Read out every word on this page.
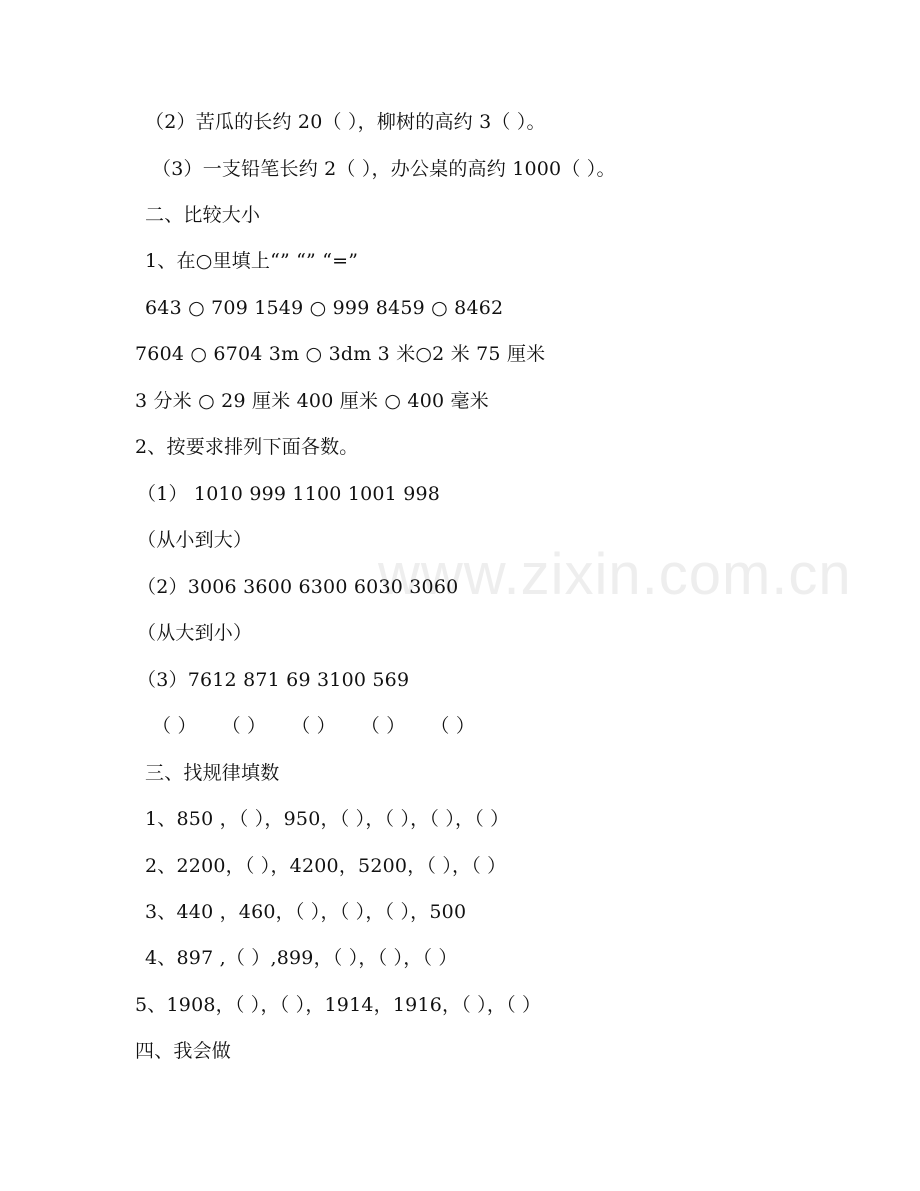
www.zixin.com.cn
（2）苦瓜的长约 20（ ），柳树的高约 3（ ）。
（3）一支铅笔长约 2（ ），办公桌的高约 1000（ ）。
二、比较大小
1、在○里填上“” “” “=”
643 ○ 709 1549 ○ 999 8459 ○ 8462
7604 ○ 6704 3m ○ 3dm 3 米○2 米 75 厘米
3 分米 ○ 29 厘米 400 厘米 ○ 400 毫米
2、按要求排列下面各数。
（1） 1010 999 1100 1001 998
（从小到大）
（2）3006 3600 6300 6030 3060
（从大到小）
（3）7612 871 69 3100 569
（ ）    （ ）    （ ）    （ ）    （ ）
三、找规律填数
1、850 ，（ ），950，（ ），（ ），（ ），（ ）
2、2200，（ ），4200，5200，（ ），（ ）
3、440 ，460，（ ），（ ），（ ），500
4、897 ,（ ）,899，（ ），（ ），（ ）
5、1908，（ ），（ ），1914，1916，（ ），（ ）
四、我会做
